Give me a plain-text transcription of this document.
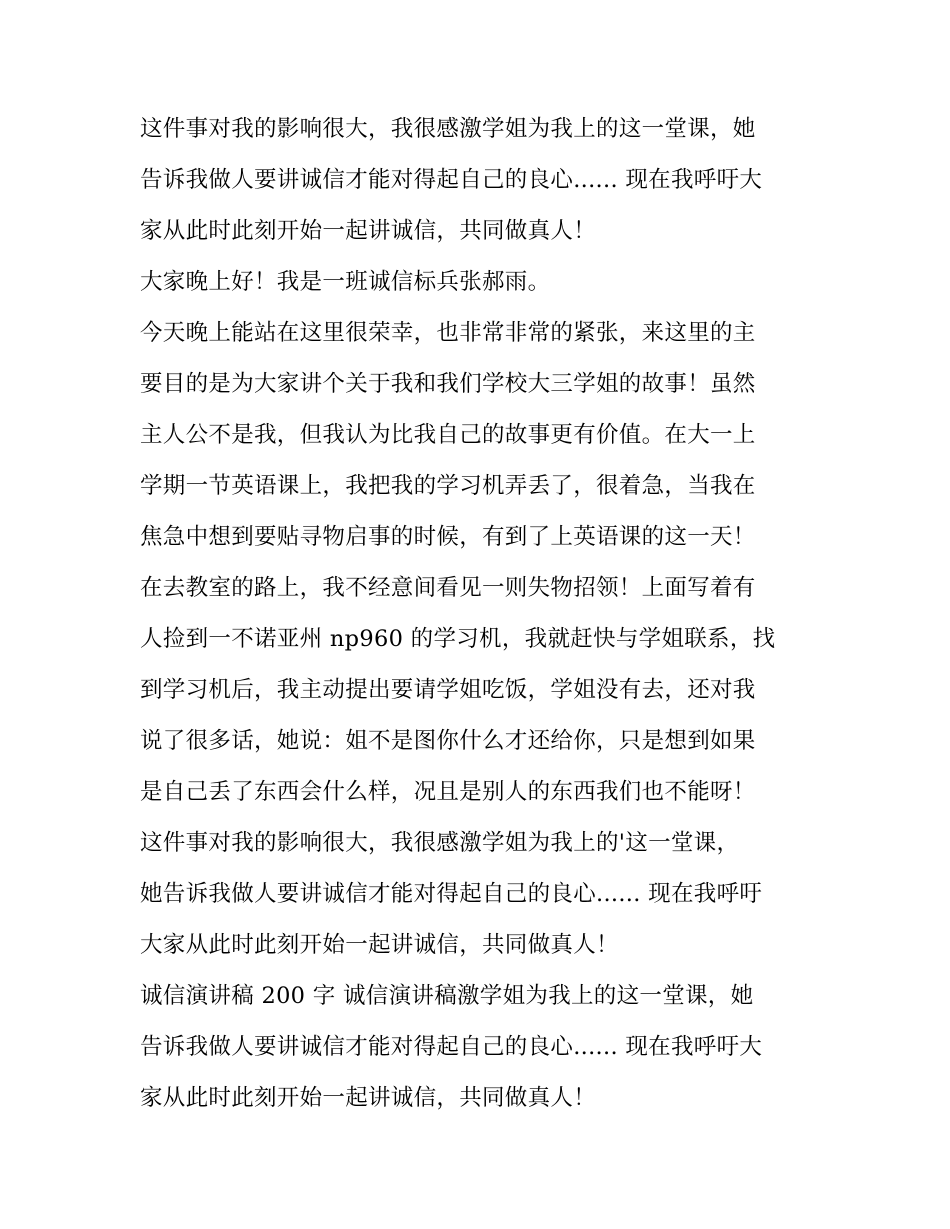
这件事对我的影响很大，我很感激学姐为我上的这一堂课，她
告诉我做人要讲诚信才能对得起自己的良心...... 现在我呼吁大
家从此时此刻开始一起讲诚信，共同做真人！
大家晚上好！我是一班诚信标兵张郝雨。
今天晚上能站在这里很荣幸，也非常非常的紧张，来这里的主
要目的是为大家讲个关于我和我们学校大三学姐的故事！虽然
主人公不是我，但我认为比我自己的故事更有价值。在大一上
学期一节英语课上，我把我的学习机弄丢了，很着急，当我在
焦急中想到要贴寻物启事的时候，有到了上英语课的这一天！
在去教室的路上，我不经意间看见一则失物招领！上面写着有
人捡到一不诺亚州 np960 的学习机，我就赶快与学姐联系，找
到学习机后，我主动提出要请学姐吃饭，学姐没有去，还对我
说了很多话，她说：姐不是图你什么才还给你，只是想到如果
是自己丢了东西会什么样，况且是别人的东西我们也不能呀！
这件事对我的影响很大，我很感激学姐为我上的'这一堂课，
她告诉我做人要讲诚信才能对得起自己的良心...... 现在我呼吁
大家从此时此刻开始一起讲诚信，共同做真人！
诚信演讲稿 200 字 诚信演讲稿激学姐为我上的这一堂课，她
告诉我做人要讲诚信才能对得起自己的良心...... 现在我呼吁大
家从此时此刻开始一起讲诚信，共同做真人！
